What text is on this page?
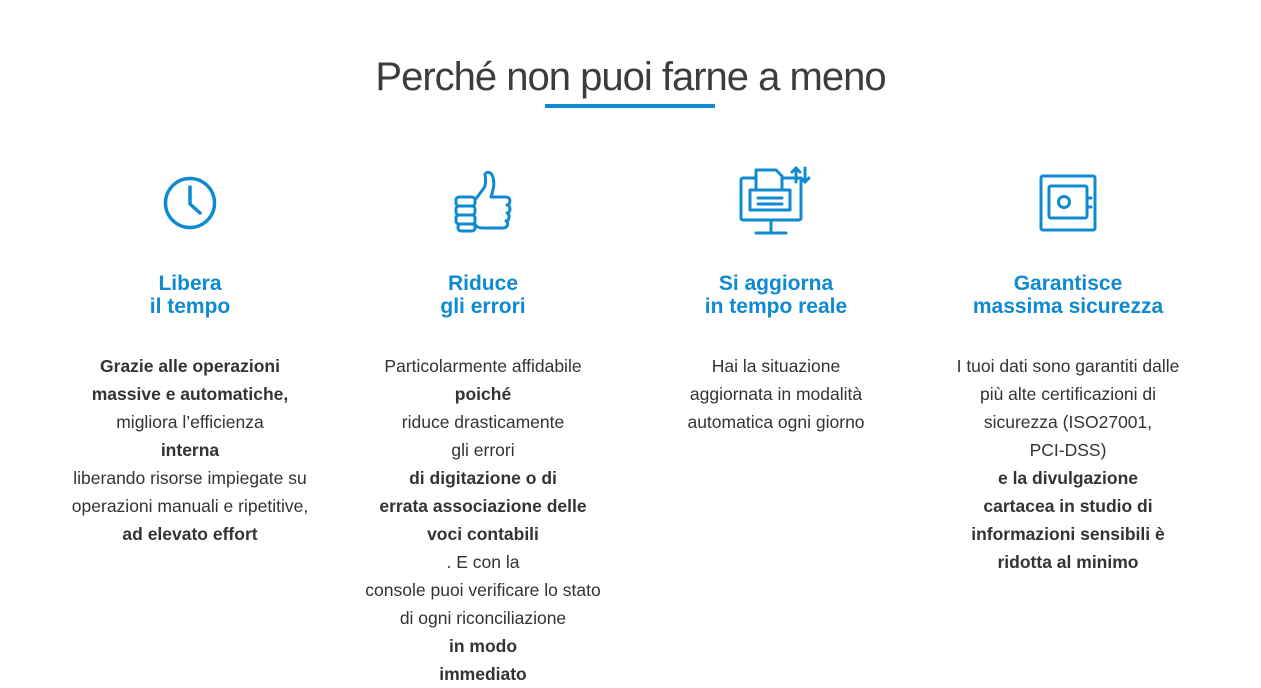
Perché non puoi farne a meno
Libera
il tempo
Grazie alle operazioni
massive e automatiche,
migliora l’efficienza
interna
liberando risorse impiegate su
operazioni manuali e ripetitive,
ad elevato effort
Riduce
gli errori
Particolarmente affidabile
poiché
riduce drasticamente
gli errori
di digitazione o di
errata associazione delle
voci contabili
. E con la
console puoi verificare lo stato
di ogni riconciliazione
in modo
immediato
Si aggiorna
in tempo reale
Hai la situazione
aggiornata in modalità
automatica ogni giorno
Garantisce
massima sicurezza
I tuoi dati sono garantiti dalle
più alte certificazioni di
sicurezza (ISO27001,
PCI-DSS)
e la divulgazione
cartacea in studio di
informazioni sensibili è
ridotta al minimo
